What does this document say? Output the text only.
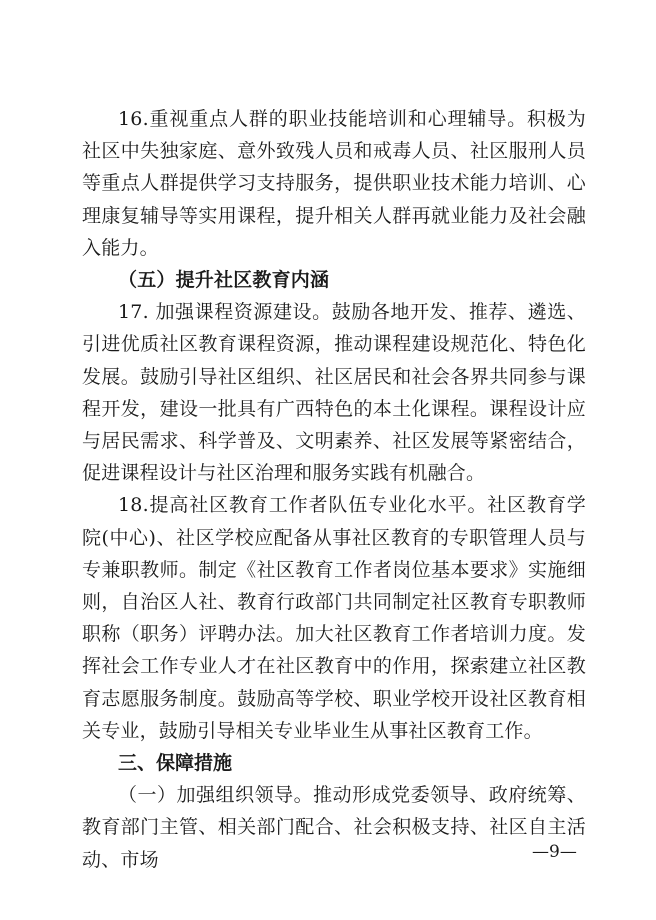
16.重视重点人群的职业技能培训和心理辅导。积极为社区中失独家庭、意外致残人员和戒毒人员、社区服刑人员等重点人群提供学习支持服务，提供职业技术能力培训、心理康复辅导等实用课程，提升相关人群再就业能力及社会融入能力。

（五）提升社区教育内涵

17. 加强课程资源建设。鼓励各地开发、推荐、遴选、引进优质社区教育课程资源，推动课程建设规范化、特色化发展。鼓励引导社区组织、社区居民和社会各界共同参与课程开发，建设一批具有广西特色的本土化课程。课程设计应与居民需求、科学普及、文明素养、社区发展等紧密结合，促进课程设计与社区治理和服务实践有机融合。

18.提高社区教育工作者队伍专业化水平。社区教育学院(中心)、社区学校应配备从事社区教育的专职管理人员与专兼职教师。制定《社区教育工作者岗位基本要求》实施细则，自治区人社、教育行政部门共同制定社区教育专职教师职称（职务）评聘办法。加大社区教育工作者培训力度。发挥社会工作专业人才在社区教育中的作用，探索建立社区教育志愿服务制度。鼓励高等学校、职业学校开设社区教育相关专业，鼓励引导相关专业毕业生从事社区教育工作。

三、保障措施

（一）加强组织领导。推动形成党委领导、政府统筹、教育部门主管、相关部门配合、社会积极支持、社区自主活动、市场	—9—
